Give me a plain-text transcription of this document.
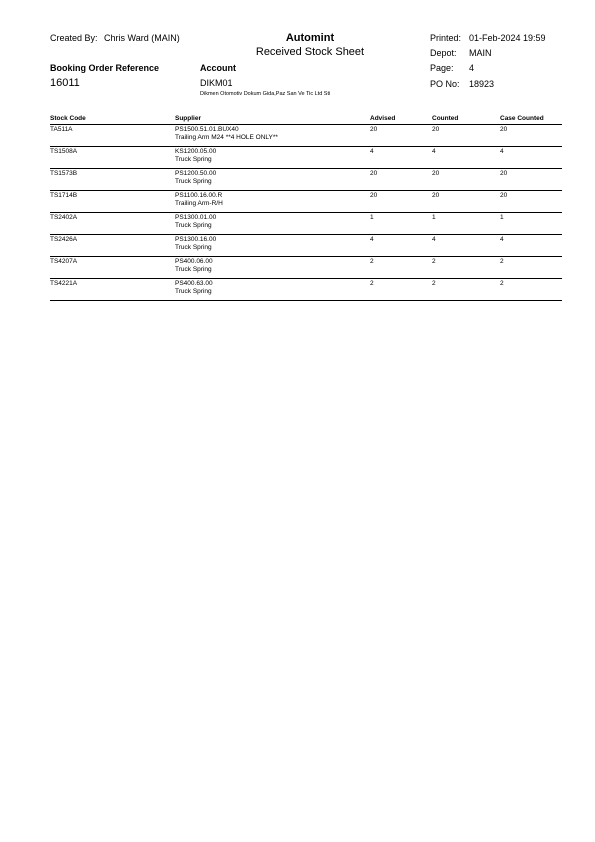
Created By: Chris Ward (MAIN)	Automint
Received Stock Sheet
Printed: 01-Feb-2024 19:59
Depot: MAIN
Page: 4
PO No: 18923
Booking Order Reference
16011
Account
DIKM01
Dikmen Otomotiv Dokum Gida,Paz San Ve Tic Ltd Sti
Stock Code	Supplier	Advised	Counted	Case Counted
TA511A	PS1500.51.01.BUX40
Trailing Arm M24 **4 HOLE ONLY**	20	20	20
TS1508A	KS1200.05.00
Truck Spring	4	4	4
TS1573B	PS1200.50.00
Truck Spring	20	20	20
TS1714B	PS1100.16.00.R
Trailing Arm-R/H	20	20	20
TS2402A	PS1300.01.00
Truck Spring	1	1	1
TS2426A	PS1300.16.00
Truck Spring	4	4	4
TS4207A	PS400.06.00
Truck Spring	2	2	2
TS4221A	PS400.63.00
Truck Spring	2	2	2
